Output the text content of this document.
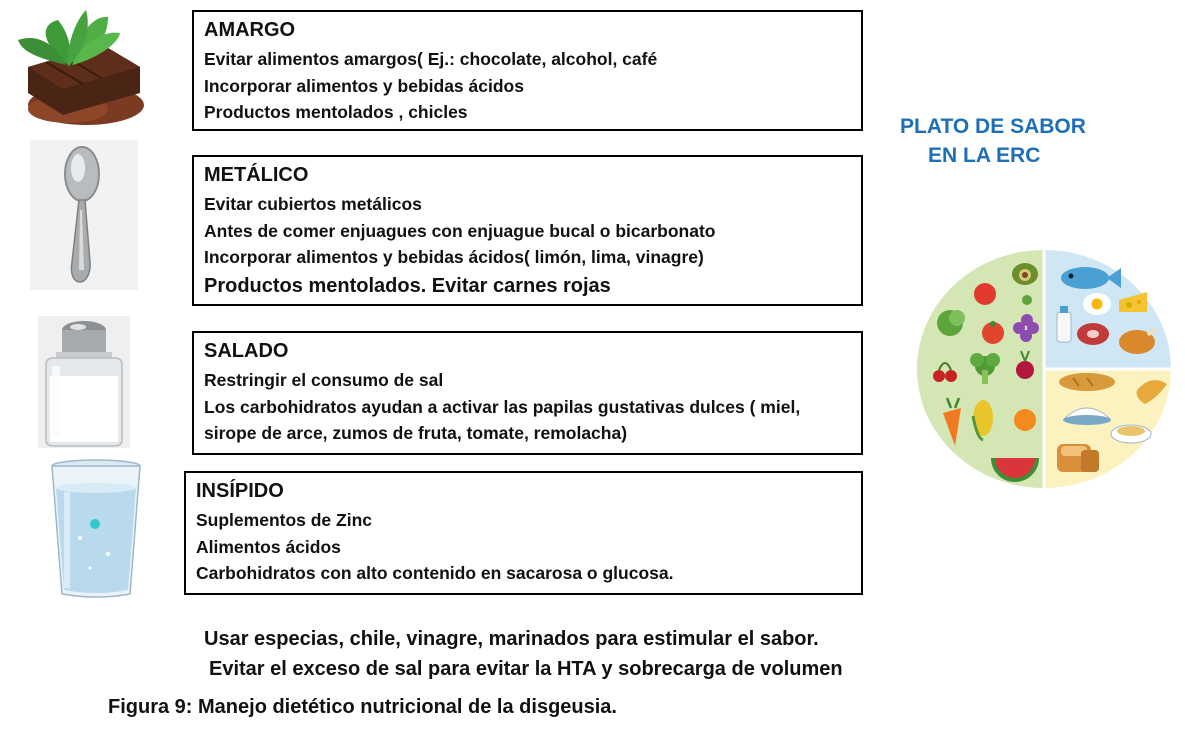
AMARGO
Evitar alimentos amargos( Ej.: chocolate, alcohol, café
Incorporar alimentos y bebidas ácidos
Productos mentolados , chicles
METÁLICO
Evitar cubiertos metálicos
Antes de comer enjuagues con enjuague bucal o bicarbonato
Incorporar alimentos y bebidas ácidos( limón, lima, vinagre)
Productos mentolados. Evitar carnes rojas
SALADO
Restringir el consumo de sal
Los carbohidratos ayudan a activar las papilas gustativas dulces ( miel,
sirope de arce, zumos de fruta, tomate, remolacha)
INSÍPIDO
Suplementos de Zinc
Alimentos ácidos
Carbohidratos con alto contenido en sacarosa o glucosa.
PLATO DE SABOR
EN LA ERC
Usar especias, chile, vinagre, marinados para estimular el sabor.
Evitar el exceso de sal para evitar la HTA y sobrecarga de volumen
Figura 9: Manejo dietético nutricional de la disgeusia.
